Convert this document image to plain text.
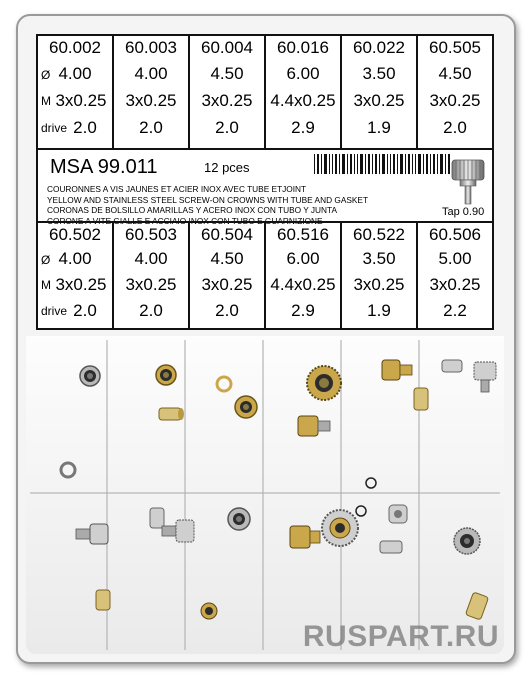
60.002
4.00
Ø
3x0.25
M
2.0
drive
60.003
4.00
3x0.25
2.0
60.004
4.50
3x0.25
2.0
60.016
6.00
4.4x0.25
2.9
60.022
3.50
3x0.25
1.9
60.505
4.50
3x0.25
2.0
MSA 99.011	12 pces
COURONNES A VIS JAUNES ET ACIER INOX AVEC TUBE ETJOINT
YELLOW AND STAINLESS STEEL SCREW-ON CROWNS WITH TUBE AND GASKET
CORONAS DE BOLSILLO AMARILLAS Y ACERO INOX CON TUBO Y JUNTA
CORONE A VITE GIALLE E ACCIAIO INOX CON TUBO E GUARNIZIONE
Tap 0.90
60.502
4.00
Ø
3x0.25
M
2.0
drive
60.503
4.00
3x0.25
2.0
60.504
4.50
3x0.25
2.0
60.516
6.00
4.4x0.25
2.9
60.522
3.50
3x0.25
1.9
60.506
5.00
3x0.25
2.2
RUSPART.RU
